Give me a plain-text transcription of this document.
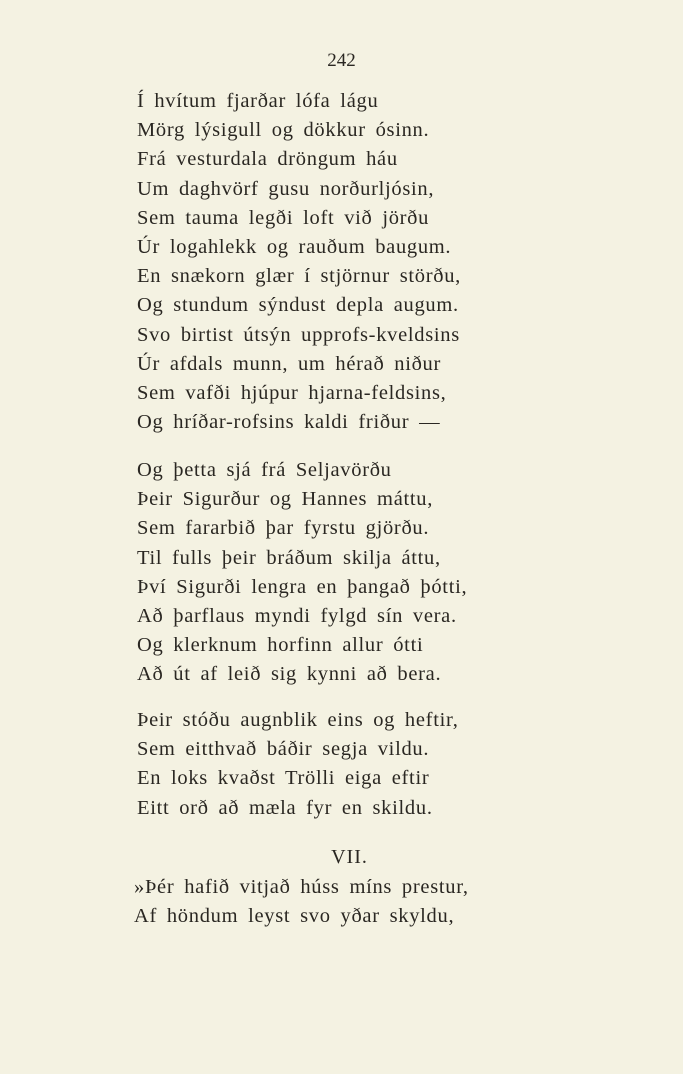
242
Í hvítum fjarðar lófa lágu
Mörg lýsigull og dökkur ósinn.
Frá vesturdala dröngum háu
Um daghvörf gusu norðurljósin,
Sem tauma legði loft við jörðu
Úr logahlekk og rauðum baugum.
En snækorn glær í stjörnur störðu,
Og stundum sýndust depla augum.
Svo birtist útsýn upprofs-kveldsins
Úr afdals munn, um hérað niður
Sem vafði hjúpur hjarna-feldsins,
Og hríðar-rofsins kaldi friður —
Og þetta sjá frá Seljavörðu
Þeir Sigurður og Hannes máttu,
Sem fararbið þar fyrstu gjörðu.
Til fulls þeir bráðum skilja áttu,
Því Sigurði lengra en þangað þótti,
Að þarflaus myndi fylgd sín vera.
Og klerknum horfinn allur ótti
Að út af leið sig kynni að bera.
Þeir stóðu augnblik eins og heftir,
Sem eitthvað báðir segja vildu.
En loks kvaðst Trölli eiga eftir
Eitt orð að mæla fyr en skildu.
VII.
»Þér hafið vitjað húss míns prestur,
Af höndum leyst svo yðar skyldu,
